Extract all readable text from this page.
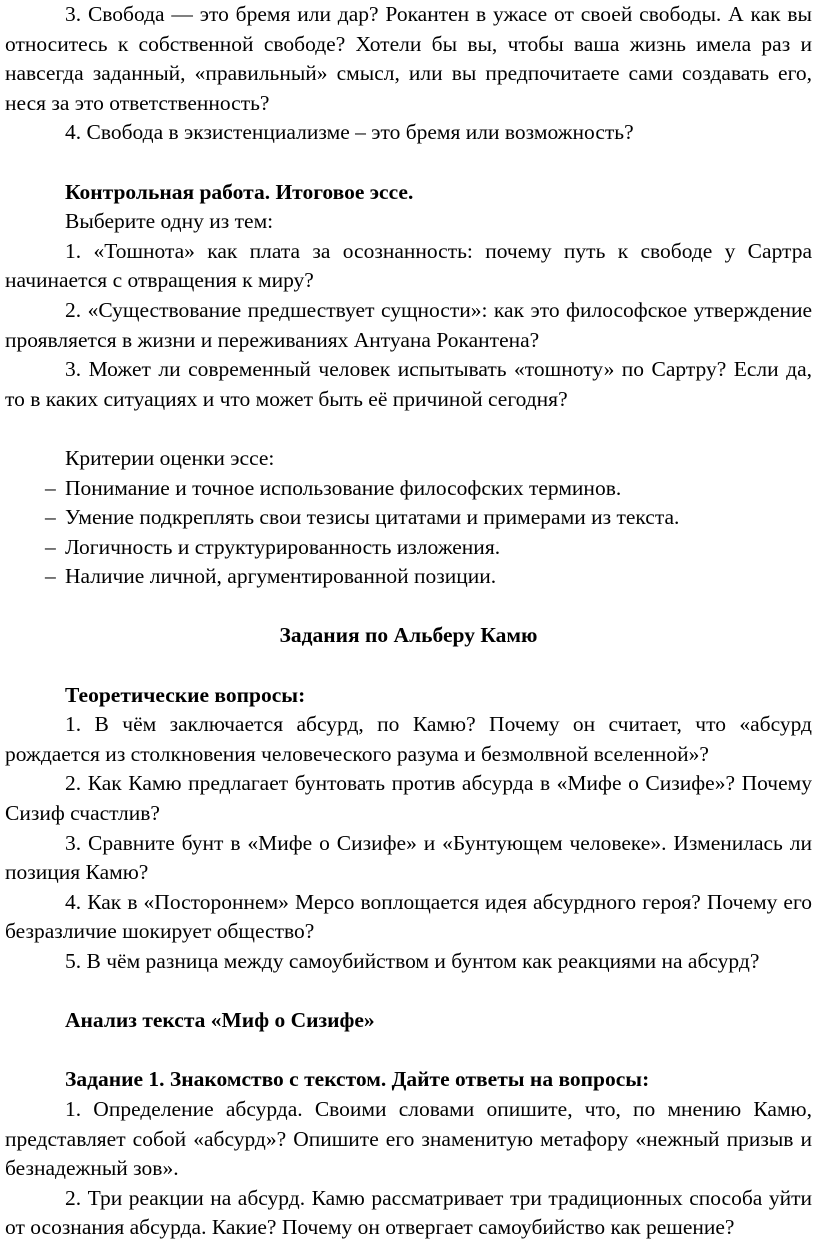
3. Свобода — это бремя или дар? Рокантен в ужасе от своей свободы. А как вы относитесь к собственной свободе? Хотели бы вы, чтобы ваша жизнь имела раз и навсегда заданный, «правильный» смысл, или вы предпочитаете сами создавать его, неся за это ответственность?

4. Свобода в экзистенциализме – это бремя или возможность?

Контрольная работа. Итоговое эссе.

Выберите одну из тем:

1. «Тошнота» как плата за осознанность: почему путь к свободе у Сартра начинается с отвращения к миру?

2. «Существование предшествует сущности»: как это философское утверждение проявляется в жизни и переживаниях Антуана Рокантена?

3. Может ли современный человек испытывать «тошноту» по Сартру? Если да, то в каких ситуациях и что может быть её причиной сегодня?

Критерии оценки эссе:

– Понимание и точное использование философских терминов.

– Умение подкреплять свои тезисы цитатами и примерами из текста.

– Логичность и структурированность изложения.

– Наличие личной, аргументированной позиции.

Задания по Альберу Камю

Теоретические вопросы:

1. В чём заключается абсурд, по Камю? Почему он считает, что «абсурд рождается из столкновения человеческого разума и безмолвной вселенной»?

2. Как Камю предлагает бунтовать против абсурда в «Мифе о Сизифе»? Почему Сизиф счастлив?

3. Сравните бунт в «Мифе о Сизифе» и «Бунтующем человеке». Изменилась ли позиция Камю?

4. Как в «Постороннем» Мерсо воплощается идея абсурдного героя? Почему его безразличие шокирует общество?

5. В чём разница между самоубийством и бунтом как реакциями на абсурд?

Анализ текста «Миф о Сизифе»

Задание 1. Знакомство с текстом. Дайте ответы на вопросы:

1. Определение абсурда. Своими словами опишите, что, по мнению Камю, представляет собой «абсурд»? Опишите его знаменитую метафору «нежный призыв и безнадежный зов».

2. Три реакции на абсурд. Камю рассматривает три традиционных способа уйти от осознания абсурда. Какие? Почему он отвергает самоубийство как решение?
